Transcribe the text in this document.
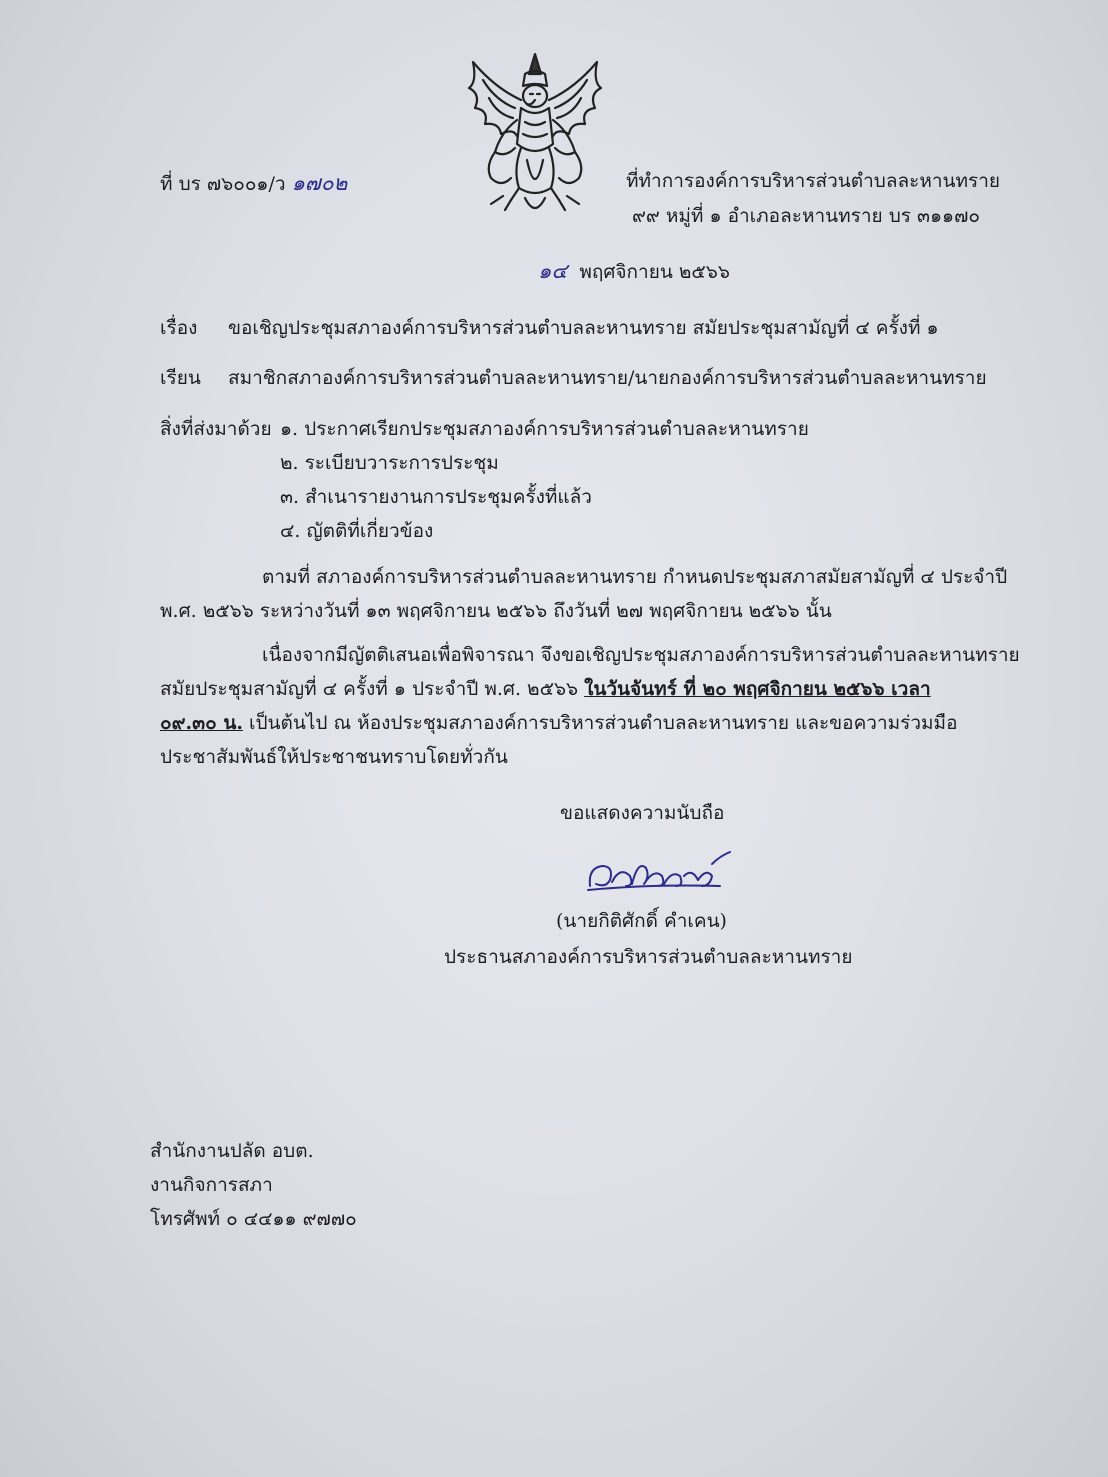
ที่ บร ๗๖๐๐๑/ว ๑๗๐๒	ที่ทำการองค์การบริหารส่วนตำบลละหานทราย
๙๙ หมู่ที่ ๑ อำเภอละหานทราย บร ๓๑๑๗๐
๑๔ พฤศจิกายน ๒๕๖๖
เรื่อง ขอเชิญประชุมสภาองค์การบริหารส่วนตำบลละหานทราย สมัยประชุมสามัญที่ ๔ ครั้งที่ ๑
เรียน สมาชิกสภาองค์การบริหารส่วนตำบลละหานทราย/นายกองค์การบริหารส่วนตำบลละหานทราย
สิ่งที่ส่งมาด้วย ๑. ประกาศเรียกประชุมสภาองค์การบริหารส่วนตำบลละหานทราย
๒. ระเบียบวาระการประชุม
๓. สำเนารายงานการประชุมครั้งที่แล้ว
๔. ญัตติที่เกี่ยวข้อง
ตามที่ สภาองค์การบริหารส่วนตำบลละหานทราย กำหนดประชุมสภาสมัยสามัญที่ ๔ ประจำปี
พ.ศ. ๒๕๖๖ ระหว่างวันที่ ๑๓ พฤศจิกายน ๒๕๖๖ ถึงวันที่ ๒๗ พฤศจิกายน ๒๕๖๖ นั้น
เนื่องจากมีญัตติเสนอเพื่อพิจารณา จึงขอเชิญประชุมสภาองค์การบริหารส่วนตำบลละหานทราย
สมัยประชุมสามัญที่ ๔ ครั้งที่ ๑ ประจำปี พ.ศ. ๒๕๖๖ ในวันจันทร์ ที่ ๒๐ พฤศจิกายน ๒๕๖๖ เวลา
๐๙.๓๐ น. เป็นต้นไป ณ ห้องประชุมสภาองค์การบริหารส่วนตำบลละหานทราย และขอความร่วมมือ
ประชาสัมพันธ์ให้ประชาชนทราบโดยทั่วกัน
ขอแสดงความนับถือ
(นายกิติศักดิ์ คำเคน)
ประธานสภาองค์การบริหารส่วนตำบลละหานทราย
สำนักงานปลัด อบต.
งานกิจการสภา
โทรศัพท์ ๐ ๔๔๑๑ ๙๗๗๐
